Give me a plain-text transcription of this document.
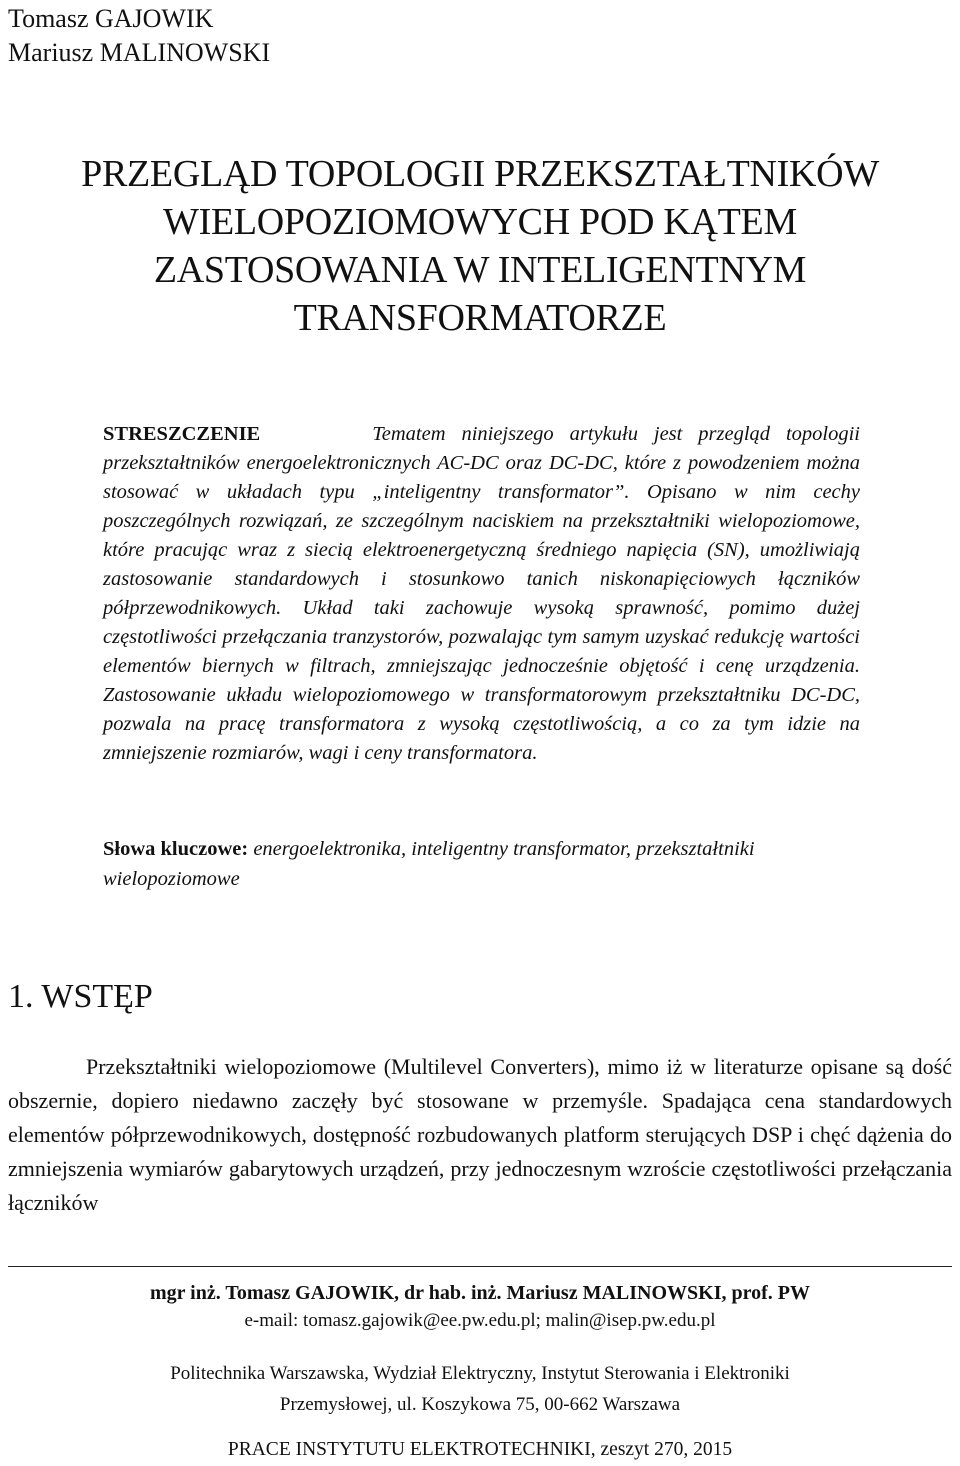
Tomasz GAJOWIK
Mariusz MALINOWSKI
PRZEGLĄD TOPOLOGII PRZEKSZTAŁTNIKÓW
WIELOPOZIOMOWYCH POD KĄTEM
ZASTOSOWANIA W INTELIGENTNYM
TRANSFORMATORZE
STRESZCZENIE	Tematem niniejszego artykułu jest przegląd topologii przekształtników energoelektronicznych AC-DC oraz DC-DC, które z powodzeniem można stosować w układach typu „inteligentny transformator”. Opisano w nim cechy poszczególnych rozwiązań, ze szczególnym naciskiem na przekształtniki wielopoziomowe, które pracując wraz z siecią elektroenergetyczną średniego napięcia (SN), umożliwiają zastosowanie standardowych i stosunkowo tanich niskonapięciowych łączników półprzewodnikowych. Układ taki zachowuje wysoką sprawność, pomimo dużej częstotliwości przełączania tranzystorów, pozwalając tym samym uzyskać redukcję wartości elementów biernych w filtrach, zmniejszając jednocześnie objętość i cenę urządzenia. Zastosowanie układu wielopoziomowego w transformatorowym przekształtniku DC-DC, pozwala na pracę transformatora z wysoką częstotliwością, a co za tym idzie na zmniejszenie rozmiarów, wagi i ceny transformatora.
Słowa kluczowe: energoelektronika, inteligentny transformator, przekształtniki wielopoziomowe
1. WSTĘP

Przekształtniki wielopoziomowe (Multilevel Converters), mimo iż w literaturze opisane są dość obszernie, dopiero niedawno zaczęły być stosowane w przemyśle. Spadająca cena standardowych elementów półprzewodnikowych, dostępność rozbudowanych platform sterujących DSP i chęć dążenia do zmniejszenia wymiarów gabarytowych urządzeń, przy jednoczesnym wzroście częstotliwości przełączania łączników

mgr inż. Tomasz GAJOWIK, dr hab. inż. Mariusz MALINOWSKI, prof. PW
e-mail: tomasz.gajowik@ee.pw.edu.pl; malin@isep.pw.edu.pl
Politechnika Warszawska, Wydział Elektryczny, Instytut Sterowania i Elektroniki
Przemysłowej, ul. Koszykowa 75, 00-662 Warszawa
PRACE INSTYTUTU ELEKTROTECHNIKI, zeszyt 270, 2015
